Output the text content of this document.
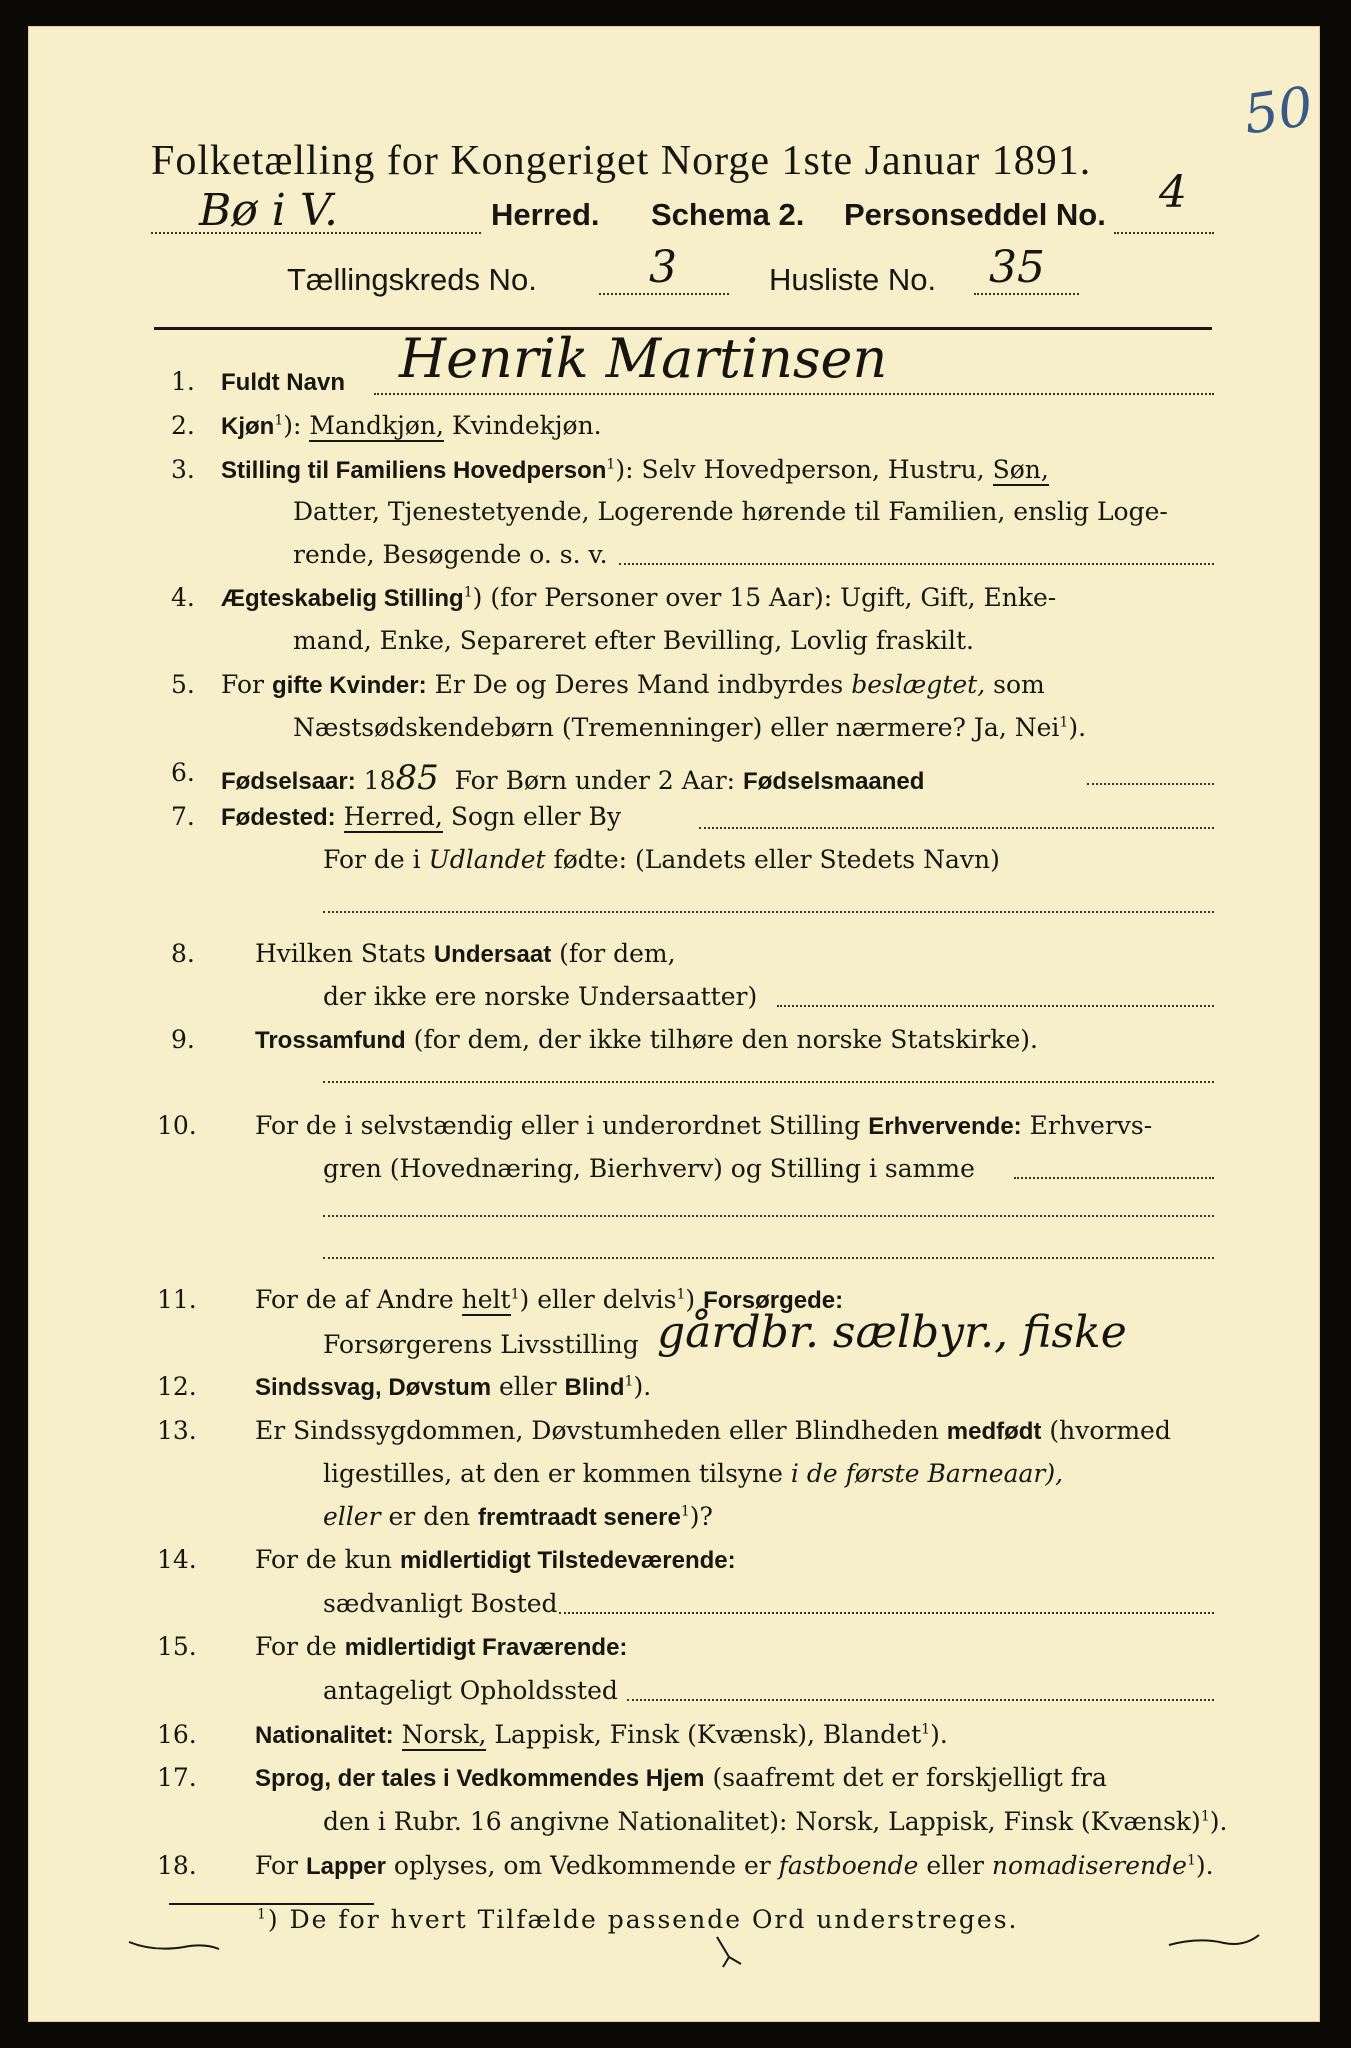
50
Folketælling for Kongeriget Norge 1ste Januar 1891.
Bø i V.	Herred. Schema 2. Personseddel No. 4
Tællingskreds No.	3	Husliste No. 35
1. Fuldt Navn Henrik Martinsen
2. Kjøn$^1$): Mandkjøn, Kvindekjøn.
3. Stilling til Familiens Hovedperson$^1$): Selv Hovedperson, Hustru, Søn,
Datter, Tjenestetyende, Logerende hørende til Familien, enslig Loge-
rende, Besøgende o. s. v.
4. Ægteskabelig Stilling$^1$) (for Personer over 15 Aar): Ugift, Gift, Enke-
mand, Enke, Separeret efter Bevilling, Lovlig fraskilt.
5. For gifte Kvinder: Er De og Deres Mand indbyrdes beslægtet, som
Næstsødskendebørn (Tremenninger) eller nærmere? Ja, Nei$^1$).
6. Fødselsaar: 1885 For Børn under 2 Aar: Fødselsmaaned
7. Fødested: Herred, Sogn eller By
For de i Udlandet fødte: (Landets eller Stedets Navn)
8. Hvilken Stats Undersaat (for dem,
der ikke ere norske Undersaatter)
9.	Trossamfund (for dem, der ikke tilhøre den norske Statskirke).
10. For de i selvstændig eller i underordnet Stilling Erhvervende: Erhvervs-
gren (Hovednæring, Bierhverv) og Stilling i samme
11. For de af Andre helt$^1$) eller delvis$^1$) Forsørgede:
Forsørgerens Livsstilling gårdbr. sælbyr., fiske
12. Sindssvag, Døvstum eller Blind$^1$).
13. Er Sindssygdommen, Døvstumheden eller Blindheden medfødt (hvormed
ligestilles, at den er kommen tilsyne i de første Barneaar),
eller er den fremtraadt senere$^1$)?
14. For de kun midlertidigt Tilstedeværende:
sædvanligt Bosted
15. For de midlertidigt Fraværende:
antageligt Opholdssted
16. Nationalitet: Norsk, Lappisk, Finsk (Kvænsk), Blandet$^1$).
17. Sprog, der tales i Vedkommendes Hjem (saafremt det er forskjelligt fra
den i Rubr. 16 angivne Nationalitet): Norsk, Lappisk, Finsk (Kvænsk)$^1$).
18. For Lapper oplyses, om Vedkommende er fastboende eller nomadiserende$^1$).
$^1$) De for hvert Tilfælde passende Ord understreges.
